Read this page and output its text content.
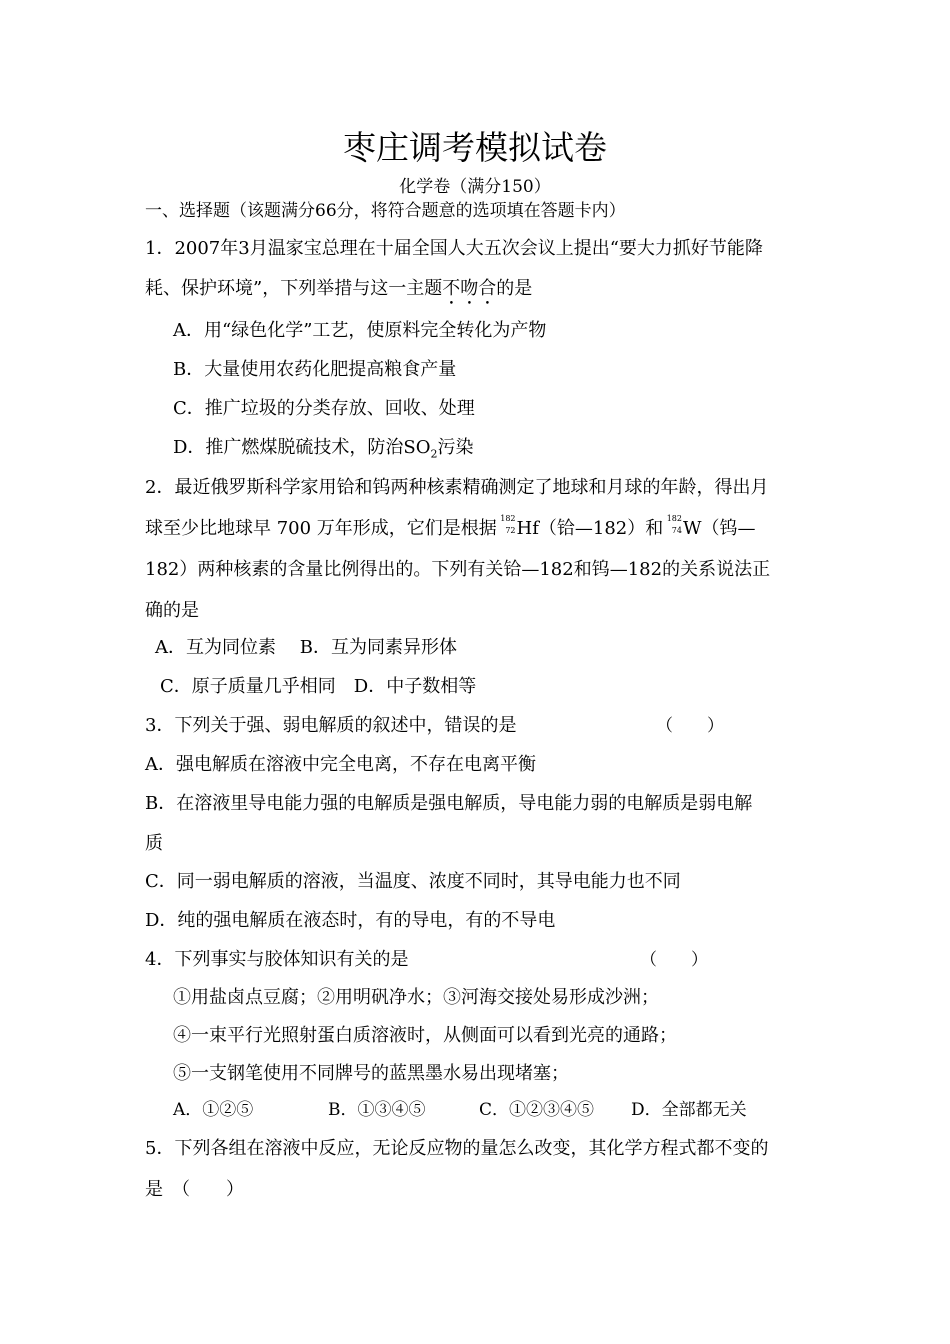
枣庄调考模拟试卷
化学卷（满分150）
一、选择题（该题满分66分，将符合题意的选项填在答题卡内）
1．2007年3月温家宝总理在十届全国人大五次会议上提出“要大力抓好节能降
耗、保护环境”，下列举措与这一主题不吻合的是
A．用“绿色化学”工艺，使原料完全转化为产物
B．大量使用农药化肥提高粮食产量
C．推广垃圾的分类存放、回收、处理
D．推广燃煤脱硫技术，防治$SO_2$污染
2．最近俄罗斯科学家用铪和钨两种核素精确测定了地球和月球的年龄，得出月
球至少比地球早 700 万年形成，它们是根据
182
72 Hf（铪—182）和
182
74 W（钨—
182）两种核素的含量比例得出的。下列有关铪—182和钨—182的关系说法正
确的是
A．互为同位素　 B．互为同素异形体
C．原子质量几乎相同　D．中子数相等
3．下列关于强、弱电解质的叙述中，错误的是	（　　）
A．强电解质在溶液中完全电离，不存在电离平衡
B．在溶液里导电能力强的电解质是强电解质，导电能力弱的电解质是弱电解
质
C．同一弱电解质的溶液，当温度、浓度不同时，其导电能力也不同
D．纯的强电解质在液态时，有的导电，有的不导电
4．下列事实与胶体知识有关的是	（　　）
①用盐卤点豆腐；②用明矾净水；③河海交接处易形成沙洲；
④一束平行光照射蛋白质溶液时，从侧面可以看到光亮的通路；
⑤一支钢笔使用不同牌号的蓝黑墨水易出现堵塞；
A．①②⑤	B．①③④⑤	C．①②③④⑤ D．全部都无关
5．下列各组在溶液中反应，无论反应物的量怎么改变，其化学方程式都不变的
是　（　　）
